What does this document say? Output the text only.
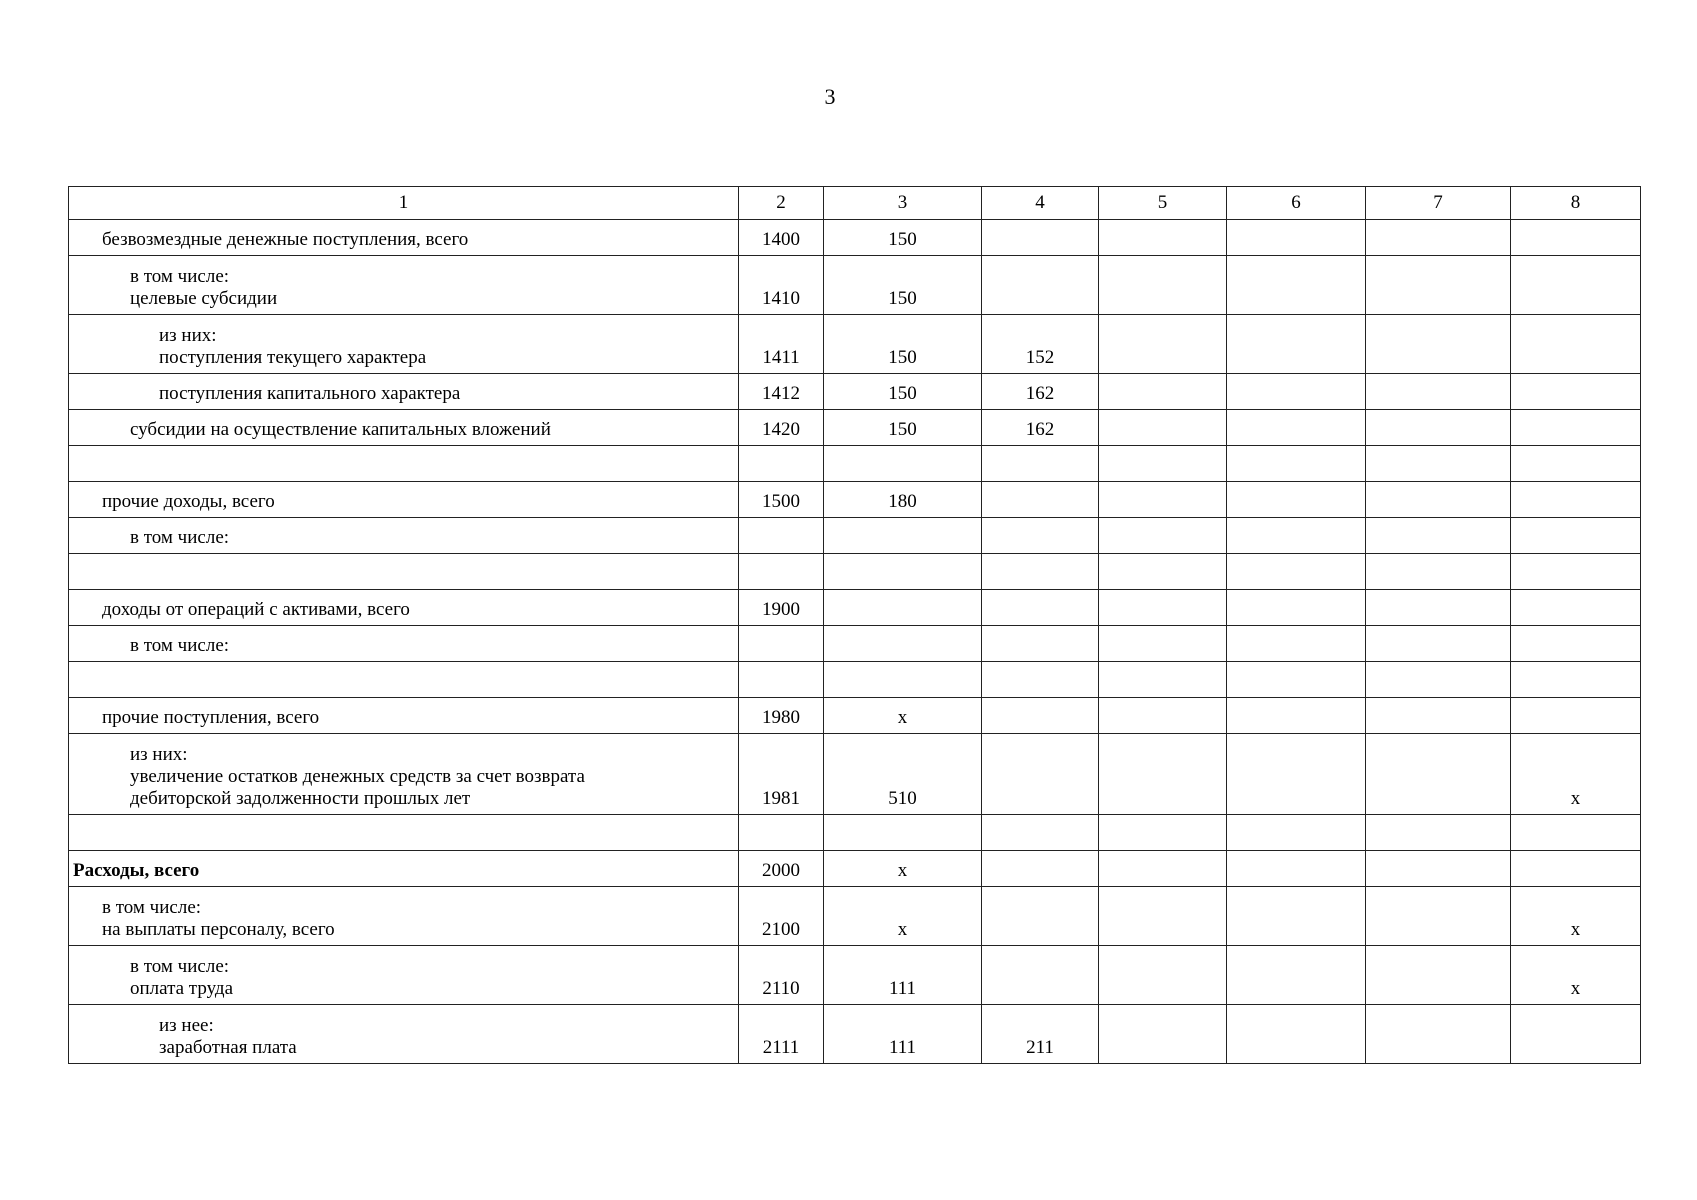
3
1	2	3	4	5	6	7	8

безвозмездные денежные поступления, всего	1400	150					

в том числе:
целевые субсидии	1410	150					

из них:
поступления текущего характера	1411	150	152				

поступления капитального характера	1412	150	162				

субсидии на осуществление капитальных вложений	1420	150	162				

прочие доходы, всего	1500	180					

в том числе:							

доходы от операций с активами, всего	1900						

в том числе:							

прочие поступления, всего	1980	x					

из них:
увеличение остатков денежных средств за счет возврата
дебиторской задолженности прошлых лет	1981	510					x

Расходы, всего	2000	x					

в том числе:
на выплаты персоналу, всего	2100	x					x

в том числе:
оплата труда	2110	111					x

из нее:
заработная плата	2111	111	211				
